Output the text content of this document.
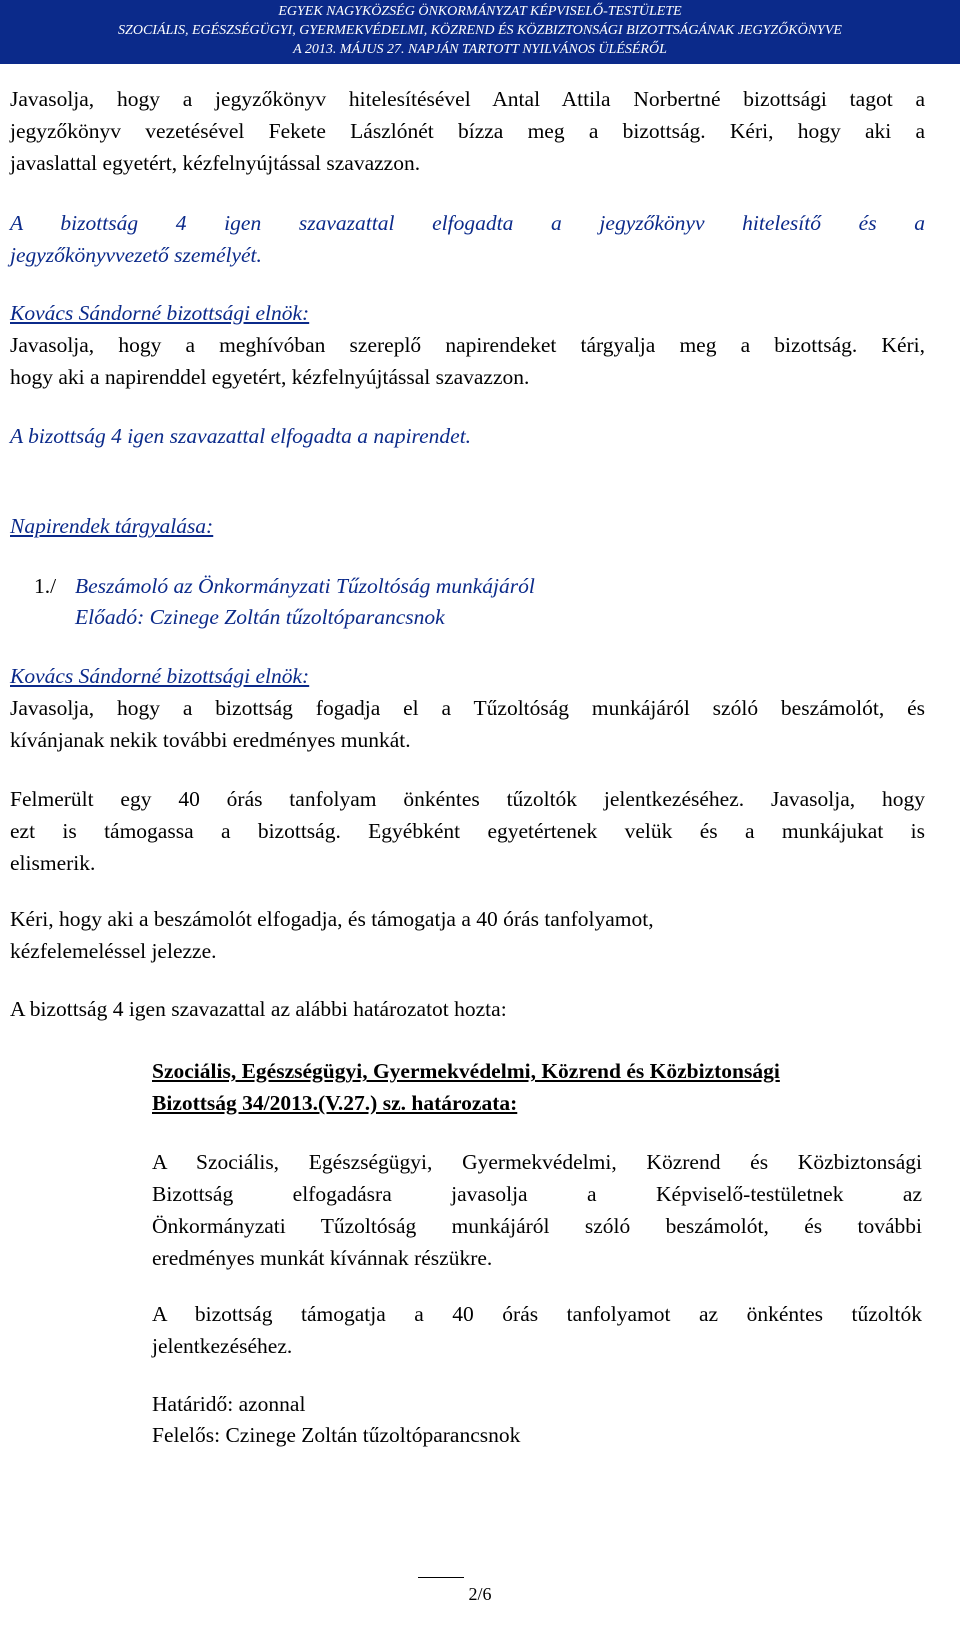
EGYEK NAGYKÖZSÉG ÖNKORMÁNYZAT KÉPVISELŐ-TESTÜLETE
SZOCIÁLIS, EGÉSZSÉGÜGYI, GYERMEKVÉDELMI, KÖZREND ÉS KÖZBIZTONSÁGI BIZOTTSÁGÁNAK JEGYZŐKÖNYVE
A 2013. MÁJUS 27. NAPJÁN TARTOTT NYILVÁNOS ÜLÉSÉRŐL
Javasolja, hogy a jegyzőkönyv hitelesítésével Antal Attila Norbertné bizottsági tagot a
jegyzőkönyv vezetésével Fekete Lászlónét bízza meg a bizottság. Kéri, hogy aki a
javaslattal egyetért, kézfelnyújtással szavazzon.
A bizottság 4 igen szavazattal elfogadta a jegyzőkönyv hitelesítő és a
jegyzőkönyvvezető személyét.
Kovács Sándorné bizottsági elnök:
Javasolja, hogy a meghívóban szereplő napirendeket tárgyalja meg a bizottság. Kéri,
hogy aki a napirenddel egyetért, kézfelnyújtással szavazzon.
A bizottság 4 igen szavazattal elfogadta a napirendet.
Napirendek tárgyalása:
1./ Beszámoló az Önkormányzati Tűzoltóság munkájáról
Előadó: Czinege Zoltán tűzoltóparancsnok
Kovács Sándorné bizottsági elnök:
Javasolja, hogy a bizottság fogadja el a Tűzoltóság munkájáról szóló beszámolót, és
kívánjanak nekik további eredményes munkát.
Felmerült egy 40 órás tanfolyam önkéntes tűzoltók jelentkezéséhez. Javasolja, hogy
ezt is támogassa a bizottság. Egyébként egyetértenek velük és a munkájukat is
elismerik.
Kéri, hogy aki a beszámolót elfogadja, és támogatja a 40 órás tanfolyamot,
kézfelemeléssel jelezze.
A bizottság 4 igen szavazattal az alábbi határozatot hozta:
Szociális, Egészségügyi, Gyermekvédelmi, Közrend és Közbiztonsági
Bizottság 34/2013.(V.27.) sz. határozata:
A Szociális, Egészségügyi, Gyermekvédelmi, Közrend és Közbiztonsági
Bizottság elfogadásra javasolja a Képviselő-testületnek az
Önkormányzati Tűzoltóság munkájáról szóló beszámolót, és további
eredményes munkát kívánnak részükre.
A bizottság támogatja a 40 órás tanfolyamot az önkéntes tűzoltók
jelentkezéséhez.
Határidő: azonnal
Felelős: Czinege Zoltán tűzoltóparancsnok
2/6
